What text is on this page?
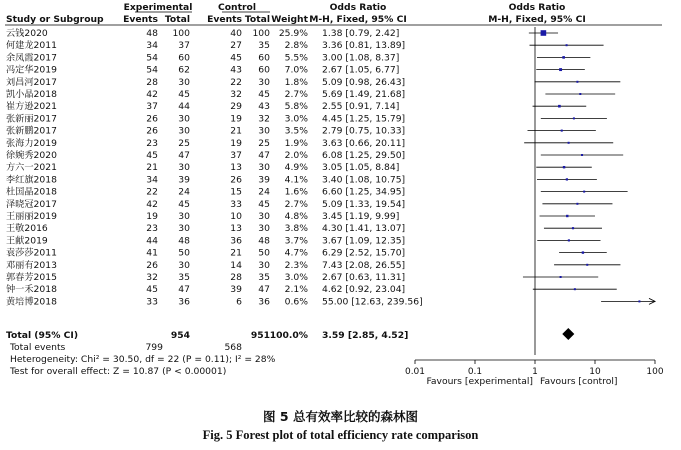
Experimental	Control	Odds Ratio	Odds Ratio
Study or Subgroup Events Total Events Total Weight M-H, Fixed, 95% CI	M-H, Fixed, 95% CI
云钱2020	48 100	40 100 25.9% 1.38 [0.79, 2.42]
何建龙2011	34 37	27 35 2.8% 3.36 [0.81, 13.89]
余凤霞2017	54 60	45 60 5.5% 3.00 [1.08, 8.37]
冯定华2019	54 62	43 60 7.0% 2.67 [1.05, 6.77]
刘昌河2017	28 30	22 30 1.8% 5.09 [0.98, 26.43]
凯小晶2018	42 45	32 45 2.7% 5.69 [1.49, 21.68]
崔方逊2021	37 44	29 43 5.8% 2.55 [0.91, 7.14]
张新丽2017	26 30	19 32 3.0% 4.45 [1.25, 15.79]
张新鹏2017	26 30	21 30 3.5% 2.79 [0.75, 10.33]
张海力2019	23 25	19 25 1.9% 3.63 [0.66, 20.11]
徐婉秀2020	45 47	37 47 2.0% 6.08 [1.25, 29.50]
方六一2021	21 30	13 30 4.9% 3.05 [1.05, 8.84]
李红旗2018	34 39	26 39 4.1% 3.40 [1.08, 10.75]
杜国晶2018	22 24	15 24 1.6% 6.60 [1.25, 34.95]
泽晓冠2017	42 45	33 45 2.7% 5.09 [1.33, 19.54]
王丽丽2019	19 30	10 30 4.8% 3.45 [1.19, 9.99]
王敬2016	23 30	13 30 3.8% 4.30 [1.41, 13.07]
王献2019	44 48	36 48 3.7% 3.67 [1.09, 12.35]
袁莎莎2011	41 50	21 50 4.7% 6.29 [2.52, 15.70]
邓丽有2013	26 30	14 30 2.3% 7.43 [2.08, 26.55]
郭春芳2015	32 35	28 35 3.0% 2.67 [0.63, 11.31]
钟一禾2018	45 47	39 47 2.1% 4.62 [0.92, 23.04]
黄培博2018	33 36	6 36 0.6% 55.00 [12.63, 239.56]
0.01	0.1	1	10	100
Total (95% CI)	954	951 100.0% 3.59 [2.85, 4.52]
Total events	799	568
Heterogeneity: Chi² = 30.50, df = 22 (P = 0.11); I² = 28%
Test for overall effect: Z = 10.87 (P < 0.00001)
Favours [experimental] Favours [control]
图 5 总有效率比较的森林图
Fig. 5 Forest plot of total efficiency rate comparison
